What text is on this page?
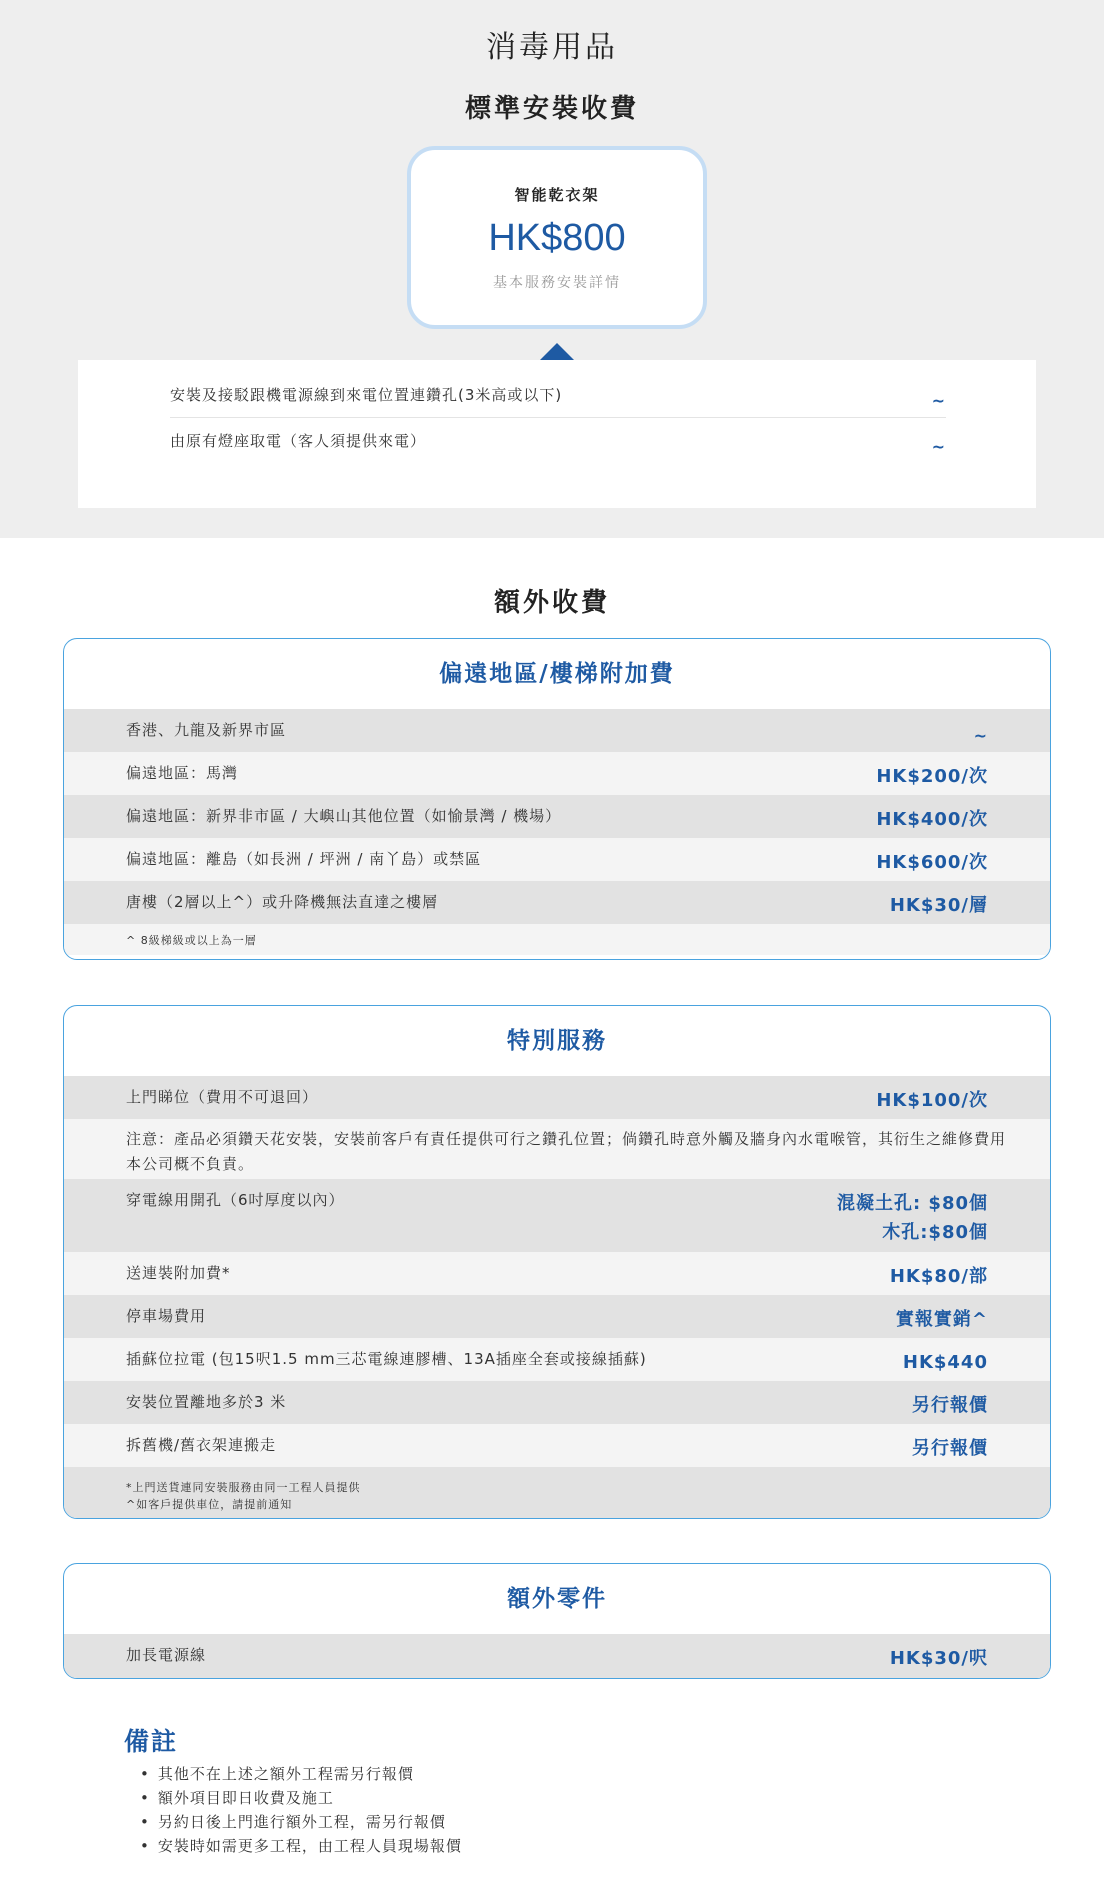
消毒用品
標準安裝收費
智能乾衣架
HK$800
基本服務安裝詳情
安裝及接駁跟機電源線到來電位置連鑽孔(3米高或以下)	~
由原有燈座取電（客人須提供來電）	~
額外收費
偏遠地區/樓梯附加費
香港、九龍及新界市區	~
偏遠地區：馬灣	HK$200/次
偏遠地區：新界非市區 / 大嶼山其他位置（如愉景灣 / 機場）	HK$400/次
偏遠地區：離島（如長洲 / 坪洲 / 南丫島）或禁區	HK$600/次
唐樓（2層以上^）或升降機無法直達之樓層	HK$30/層
^ 8級梯級或以上為一層
特別服務
上門睇位（費用不可退回）	HK$100/次
注意：產品必須鑽天花安裝，安裝前客戶有責任提供可行之鑽孔位置；倘鑽孔時意外觸及牆身內水電喉管，其衍生之維修費用本公司概不負責。
穿電線用開孔（6吋厚度以內）	混凝土孔: $80個
木孔:$80個
送連裝附加費*	HK$80/部
停車場費用	實報實銷^
插蘇位拉電 (包15呎1.5 mm三芯電線連膠槽、13A插座全套或接線插蘇)	HK$440
安裝位置離地多於3 米	另行報價
拆舊機/舊衣架連搬走	另行報價
*上門送貨連同安裝服務由同一工程人員提供
^如客戶提供車位，請提前通知
額外零件
加長電源線	HK$30/呎
備註
• 其他不在上述之額外工程需另行報價
• 額外項目即日收費及施工
• 另約日後上門進行額外工程，需另行報價
• 安裝時如需更多工程，由工程人員現場報價
